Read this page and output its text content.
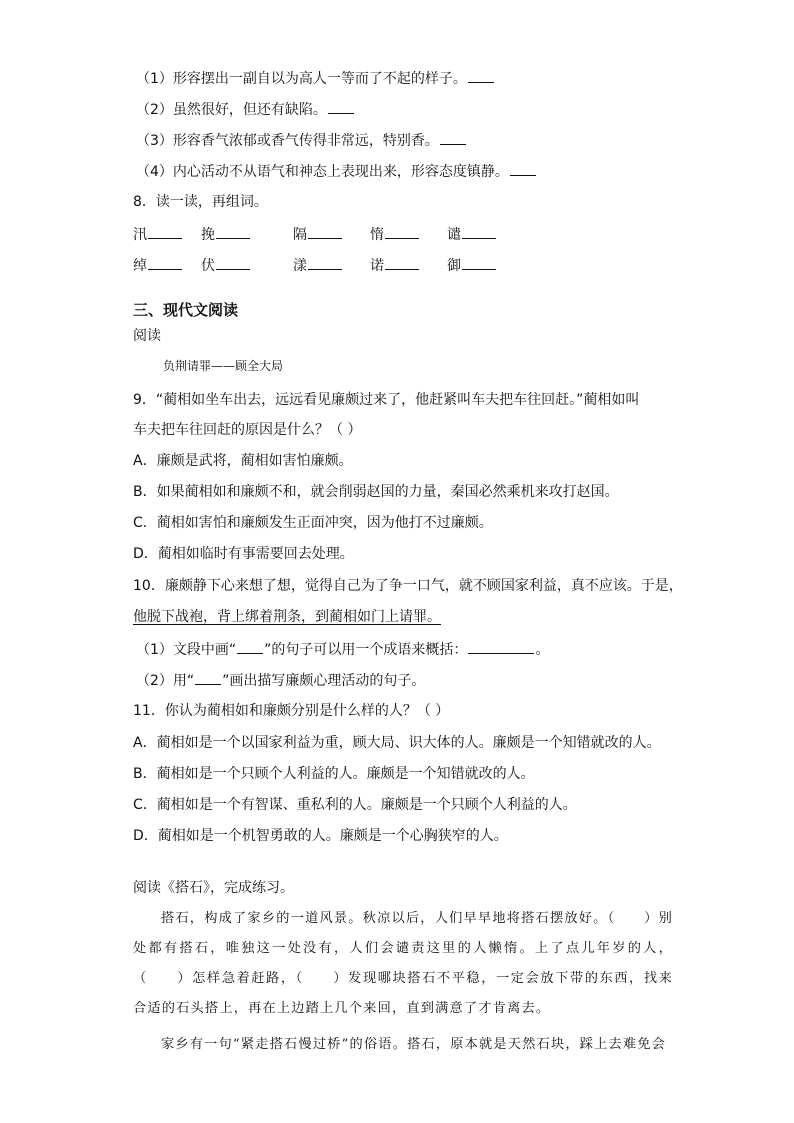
（1）形容摆出一副自以为高人一等而了不起的样子。
（2）虽然很好，但还有缺陷。
（3）形容香气浓郁或香气传得非常远，特别香。
（4）内心活动不从语气和神态上表现出来，形容态度镇静。
8．读一读，再组词。
汛	挽	隔	惰	谴
绰	伏	漾	诺	御
三、现代文阅读
阅读
负荆请罪——顾全大局
9．“蔺相如坐车出去，远远看见廉颇过来了，他赶紧叫车夫把车往回赶。”蔺相如叫
车夫把车往回赶的原因是什么？（ ）
A．廉颇是武将，蔺相如害怕廉颇。
B．如果蔺相如和廉颇不和，就会削弱赵国的力量，秦国必然乘机来攻打赵国。
C．蔺相如害怕和廉颇发生正面冲突，因为他打不过廉颇。
D．蔺相如临时有事需要回去处理。
10．廉颇静下心来想了想，觉得自己为了争一口气，就不顾国家利益，真不应该。于是，
他脱下战袍，背上绑着荆条，到蔺相如门上请罪。
（1）文段中画“ ”的句子可以用一个成语来概括：	。
（2）用“ ”画出描写廉颇心理活动的句子。
11．你认为蔺相如和廉颇分别是什么样的人？（ ）
A．蔺相如是一个以国家利益为重，顾大局、识大体的人。廉颇是一个知错就改的人。
B．蔺相如是一个只顾个人利益的人。廉颇是一个知错就改的人。
C．蔺相如是一个有智谋、重私利的人。廉颇是一个只顾个人利益的人。
D．蔺相如是一个机智勇敢的人。廉颇是一个心胸狭窄的人。
阅读《搭石》，完成练习。

搭石，构成了家乡的一道风景。秋凉以后，人们早早地将搭石摆放好。（　　）别处都有搭石，唯独这一处没有，人们会谴责这里的人懒惰。上了点儿年岁的人，（　　）怎样急着赶路，（　　）发现哪块搭石不平稳，一定会放下带的东西，找来合适的石头搭上，再在上边踏上几个来回，直到满意了才肯离去。

家乡有一句“紧走搭石慢过桥”的俗语。搭石，原本就是天然石块，踩上去难免会
